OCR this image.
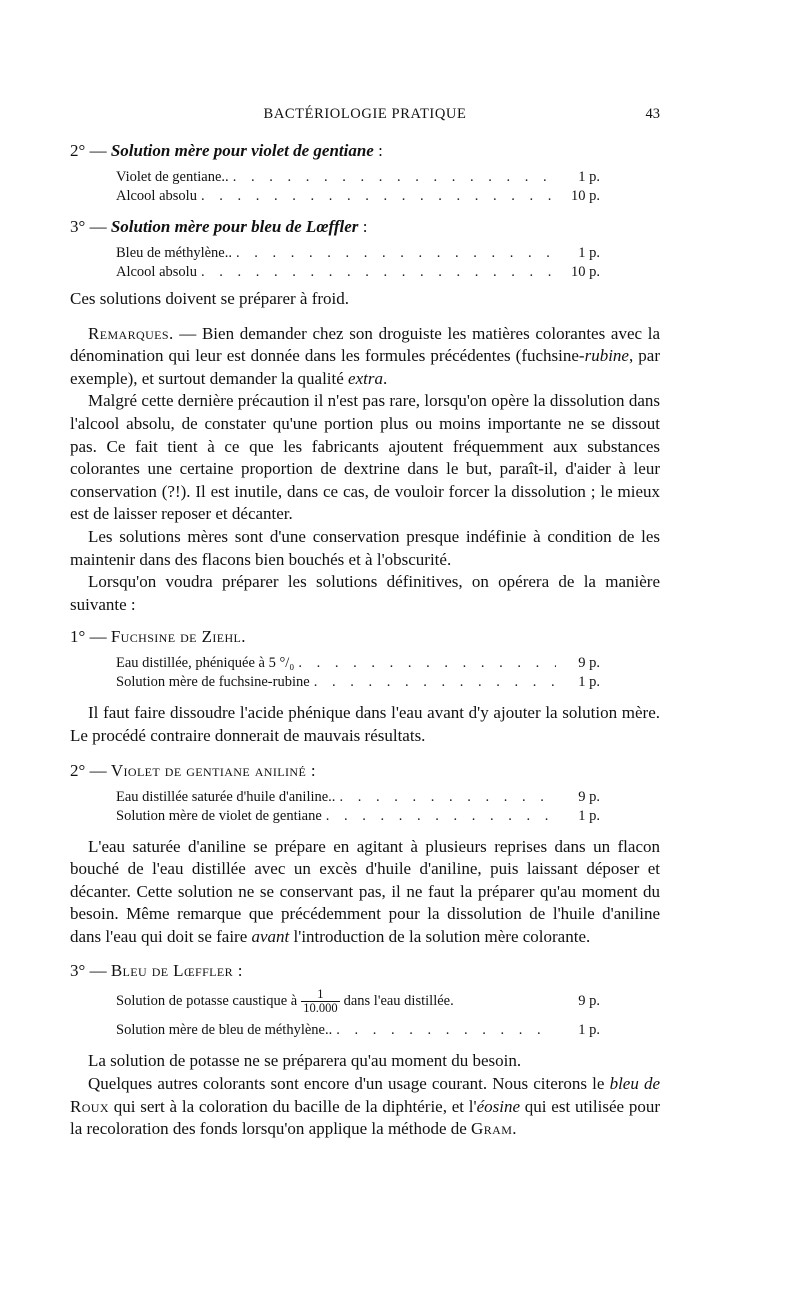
BACTÉRIOLOGIE PRATIQUE	43

2° — Solution mère pour violet de gentiane :

Violet de gentiane.. . . .	1 p.
Alcool absolu . . .	10 p.

3° — Solution mère pour bleu de Lœffler :

Bleu de méthylène.. . . .	1 p.
Alcool absolu . . .	10 p.

Ces solutions doivent se préparer à froid.

Remarques. — Bien demander chez son droguiste les matières colorantes avec la dénomination qui leur est donnée dans les formules précédentes (fuchsine-rubine, par exemple), et surtout demander la qualité extra.

Malgré cette dernière précaution il n'est pas rare, lorsqu'on opère la dissolution dans l'alcool absolu, de constater qu'une portion plus ou moins importante ne se dissout pas. Ce fait tient à ce que les fabricants ajoutent fréquemment aux substances colorantes une certaine proportion de dextrine dans le but, paraît-il, d'aider à leur conservation (?!). Il est inutile, dans ce cas, de vouloir forcer la dissolution ; le mieux est de laisser reposer et décanter.

Les solutions mères sont d'une conservation presque indéfinie à condition de les maintenir dans des flacons bien bouchés et à l'obscurité.

Lorsqu'on voudra préparer les solutions définitives, on opérera de la manière suivante :

1° — Fuchsine de Ziehl.

Eau distillée, phéniquée à 5 °/₀ . . .	9 p.
Solution mère de fuchsine-rubine . . .	1 p.

Il faut faire dissoudre l'acide phénique dans l'eau avant d'y ajouter la solution mère. Le procédé contraire donnerait de mauvais résultats.

2° — Violet de gentiane aniliné :

Eau distillée saturée d'huile d'aniline.. . . .	9 p.
Solution mère de violet de gentiane . . .	1 p.

L'eau saturée d'aniline se prépare en agitant à plusieurs reprises dans un flacon bouché de l'eau distillée avec un excès d'huile d'aniline, puis laissant déposer et décanter. Cette solution ne se conservant pas, il ne faut la préparer qu'au moment du besoin. Même remarque que précédemment pour la dissolution de l'huile d'aniline dans l'eau qui doit se faire avant l'introduction de la solution mère colorante.

3° — Bleu de Lœffler :

Solution de potasse caustique à $\frac{1}{10.000}$ dans l'eau distillée.	9 p.
Solution mère de bleu de méthylène.. . . .	1 p.

La solution de potasse ne se préparera qu'au moment du besoin.

Quelques autres colorants sont encore d'un usage courant. Nous citerons le bleu de Roux qui sert à la coloration du bacille de la diphtérie, et l'éosine qui est utilisée pour la recoloration des fonds lorsqu'on applique la méthode de Gram.
